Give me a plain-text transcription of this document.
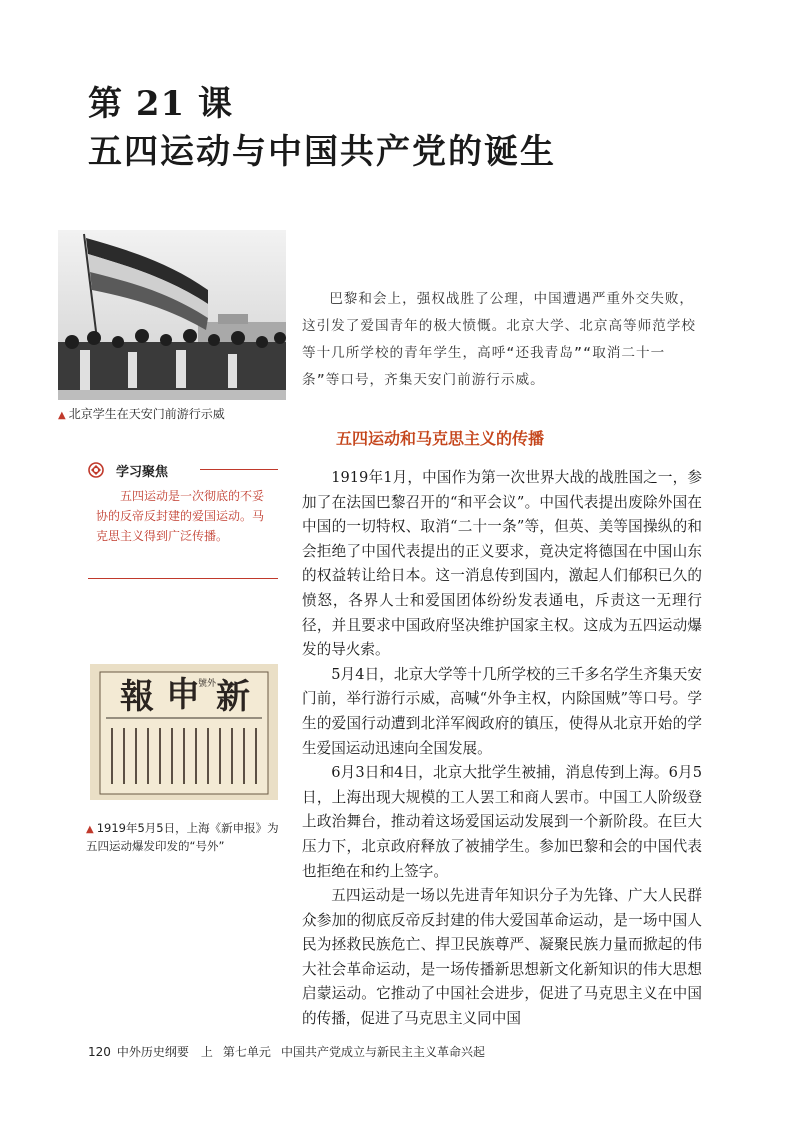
第 21 课
五四运动与中国共产党的诞生
▲ 北京学生在天安门前游行示威

巴黎和会上，强权战胜了公理，中国遭遇严重外交失败，这引发了爱国青年的极大愤慨。北京大学、北京高等师范学校等十几所学校的青年学生，高呼“还我青岛”“取消二十一条”等口号，齐集天安门前游行示威。

五四运动和马克思主义的传播
学习聚焦

五四运动是一次彻底的不妥协的反帝反封建的爱国运动。马克思主义得到广泛传播。

1919年1月，中国作为第一次世界大战的战胜国之一，参加了在法国巴黎召开的“和平会议”。中国代表提出废除外国在中国的一切特权、取消“二十一条”等，但英、美等国操纵的和会拒绝了中国代表提出的正义要求，竟决定将德国在中国山东的权益转让给日本。这一消息传到国内，激起人们郁积已久的愤怒，各界人士和爱国团体纷纷发表通电，斥责这一无理行径，并且要求中国政府坚决维护国家主权。这成为五四运动爆发的导火索。

5月4日，北京大学等十几所学校的三千多名学生齐集天安门前，举行游行示威，高喊“外争主权，内除国贼”等口号。学生的爱国行动遭到北洋军阀政府的镇压，使得从北京开始的学生爱国运动迅速向全国发展。

6月3日和4日，北京大批学生被捕，消息传到上海。6月5日，上海出现大规模的工人罢工和商人罢市。中国工人阶级登上政治舞台，推动着这场爱国运动发展到一个新阶段。在巨大压力下，北京政府释放了被捕学生。参加巴黎和会的中国代表也拒绝在和约上签字。

五四运动是一场以先进青年知识分子为先锋、广大人民群众参加的彻底反帝反封建的伟大爱国革命运动，是一场中国人民为拯救民族危亡、捍卫民族尊严、凝聚民族力量而掀起的伟大社会革命运动，是一场传播新思想新文化新知识的伟大思想启蒙运动。它推动了中国社会进步，促进了马克思主义在中国的传播，促进了马克思主义同中国

報 申 新
號外

▲ 1919年5月5日，上海《新申报》为五四运动爆发印发的“号外”

120 中外历史纲要　上 第七单元 中国共产党成立与新民主主义革命兴起
